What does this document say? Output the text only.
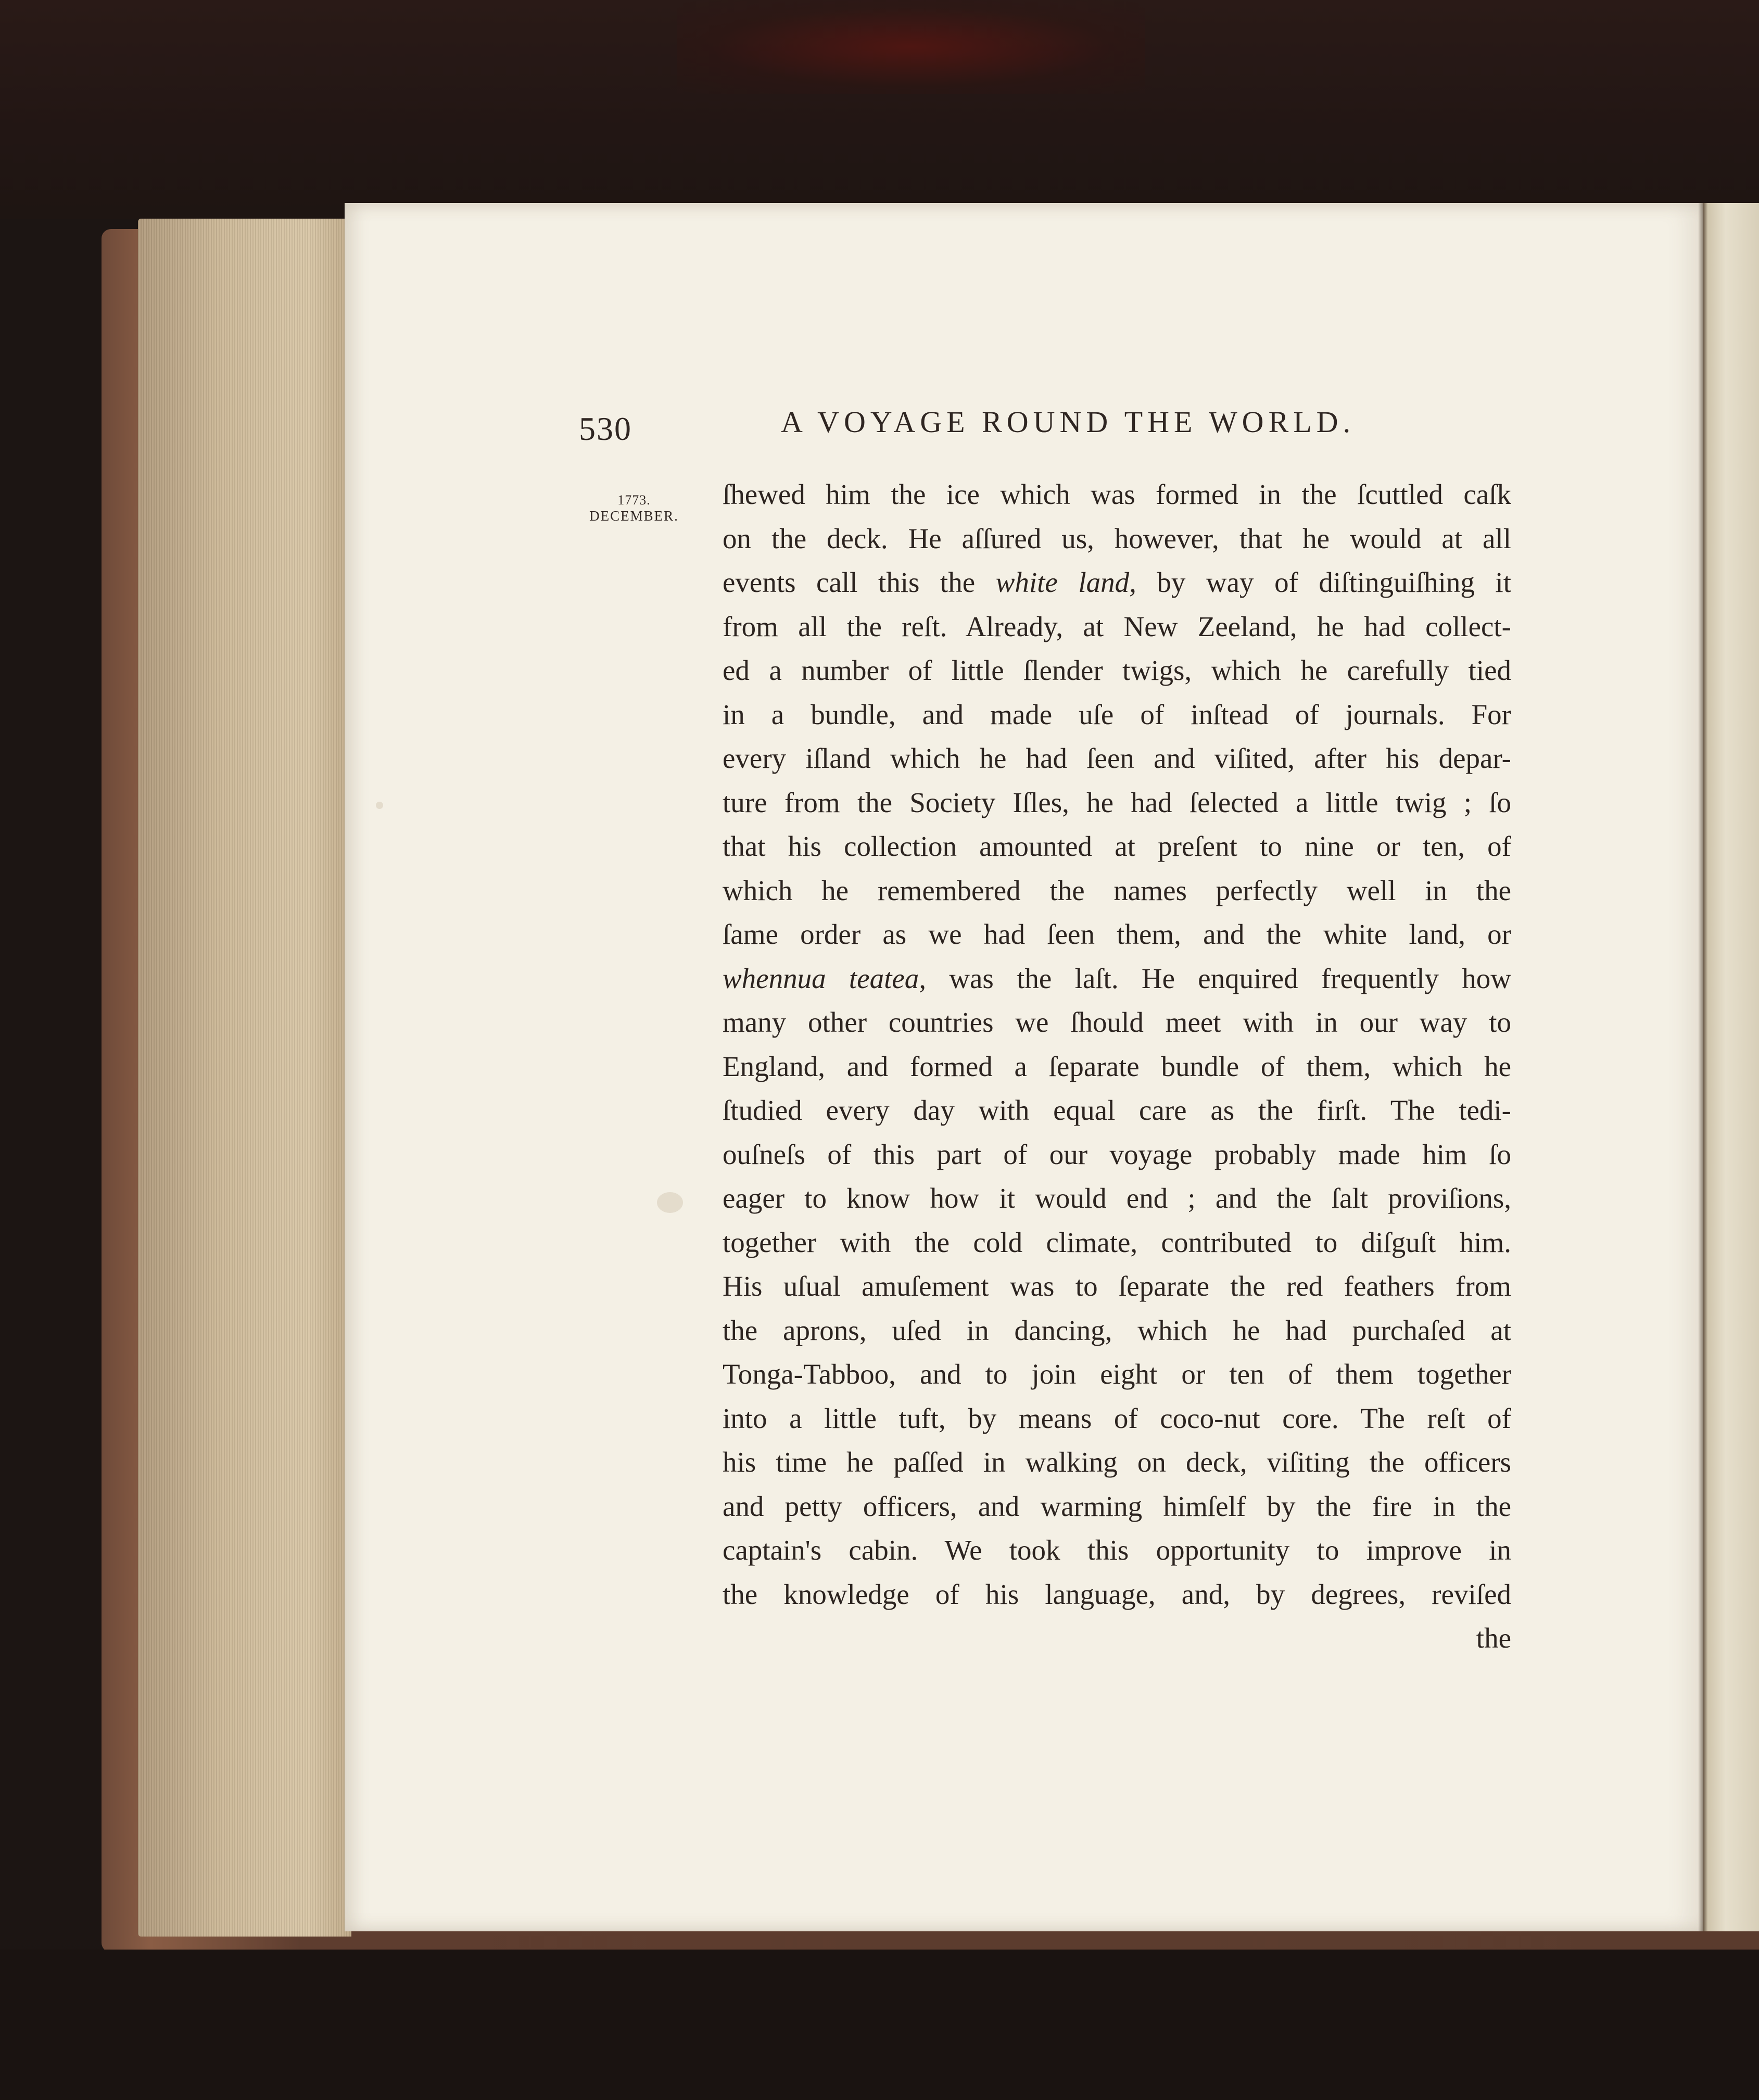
530	A VOYAGE ROUND THE WORLD.

1773.
DECEMBER.
ſhewed him the ice which was formed in the ſcuttled caſk
on the deck. He aſſured us, however, that he would at all
events call this the white land, by way of diſtinguiſhing it
from all the reſt. Already, at New Zeeland, he had collect-
ed a number of little ſlender twigs, which he carefully tied
in a bundle, and made uſe of inſtead of journals. For
every iſland which he had ſeen and viſited, after his depar-
ture from the Society Iſles, he had ſelected a little twig ; ſo
that his collection amounted at preſent to nine or ten, of
which he remembered the names perfectly well in the
ſame order as we had ſeen them, and the white land, or
whennua teatea, was the laſt. He enquired frequently how
many other countries we ſhould meet with in our way to
England, and formed a ſeparate bundle of them, which he
ſtudied every day with equal care as the firſt. The tedi-
ouſneſs of this part of our voyage probably made him ſo
eager to know how it would end ; and the ſalt proviſions,
together with the cold climate, contributed to diſguſt him.
His uſual amuſement was to ſeparate the red feathers from
the aprons, uſed in dancing, which he had purchaſed at
Tonga-Tabboo, and to join eight or ten of them together
into a little tuft, by means of coco-nut core. The reſt of
his time he paſſed in walking on deck, viſiting the officers
and petty officers, and warming himſelf by the fire in the
captain's cabin. We took this opportunity to improve in
the knowledge of his language, and, by degrees, reviſed
the
